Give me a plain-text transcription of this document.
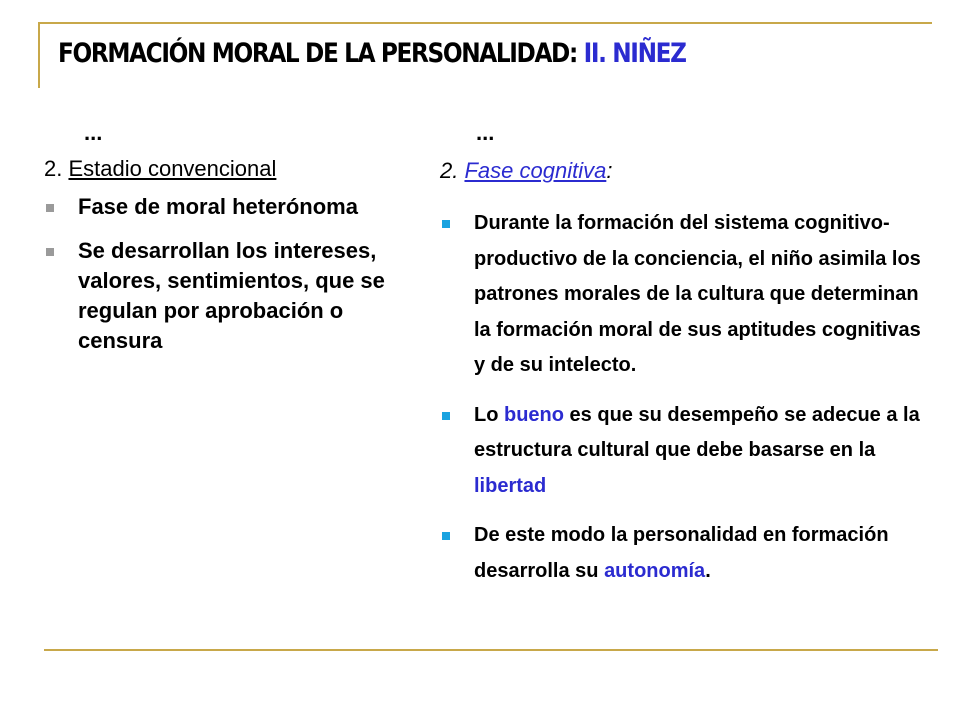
FORMACIÓN MORAL DE LA PERSONALIDAD: II. NIÑEZ
...
2. Estadio convencional
Fase de moral heterónoma
Se desarrollan los intereses, valores, sentimientos, que se regulan por aprobación o censura
...
2. Fase cognitiva:
Durante la formación del sistema cognitivo-productivo de la conciencia, el niño asimila los patrones morales de la cultura que determinan la formación moral de sus aptitudes cognitivas y de su intelecto.
Lo bueno es que su desempeño se adecue a la estructura cultural que debe basarse en la libertad
De este modo la personalidad en formación desarrolla su autonomía.
